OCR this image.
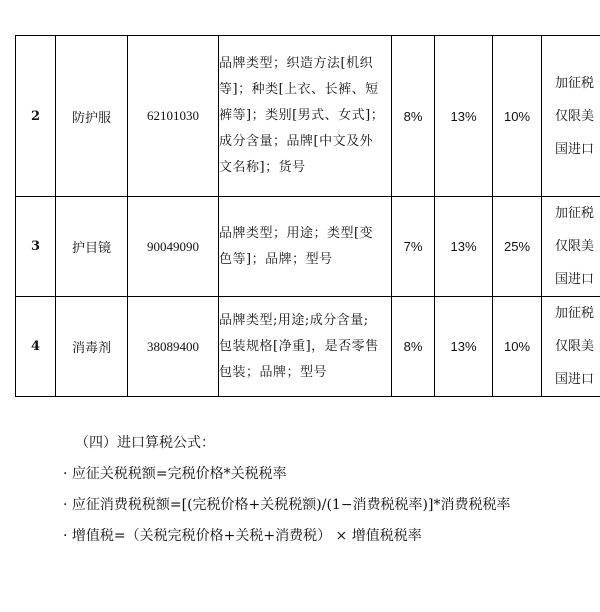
2	防护服	62101030	品牌类型；织造方法[机织
等]；种类[上衣、长裤、短
裤等]；类别[男式、女式]；
成分含量；品牌[中文及外
文名称]；货号	8%	13%	10%	加征税
仅限美
国进口

3	护目镜	90049090	品牌类型；用途；类型[变
色等]；品牌；型号	7%	13%	25%	加征税
仅限美
国进口

4	消毒剂	38089400	品牌类型;用途;成分含量;
包装规格[净重]，是否零售
包装；品牌；型号	8%	13%	10%	加征税
仅限美
国进口

（四）进口算税公式：

· 应征关税税额=完税价格*关税税率

· 应征消费税税额=[(完税价格+关税税额)/(1−消费税税率)]*消费税税率

· 增值税=（关税完税价格+关税+消费税） × 增值税税率
